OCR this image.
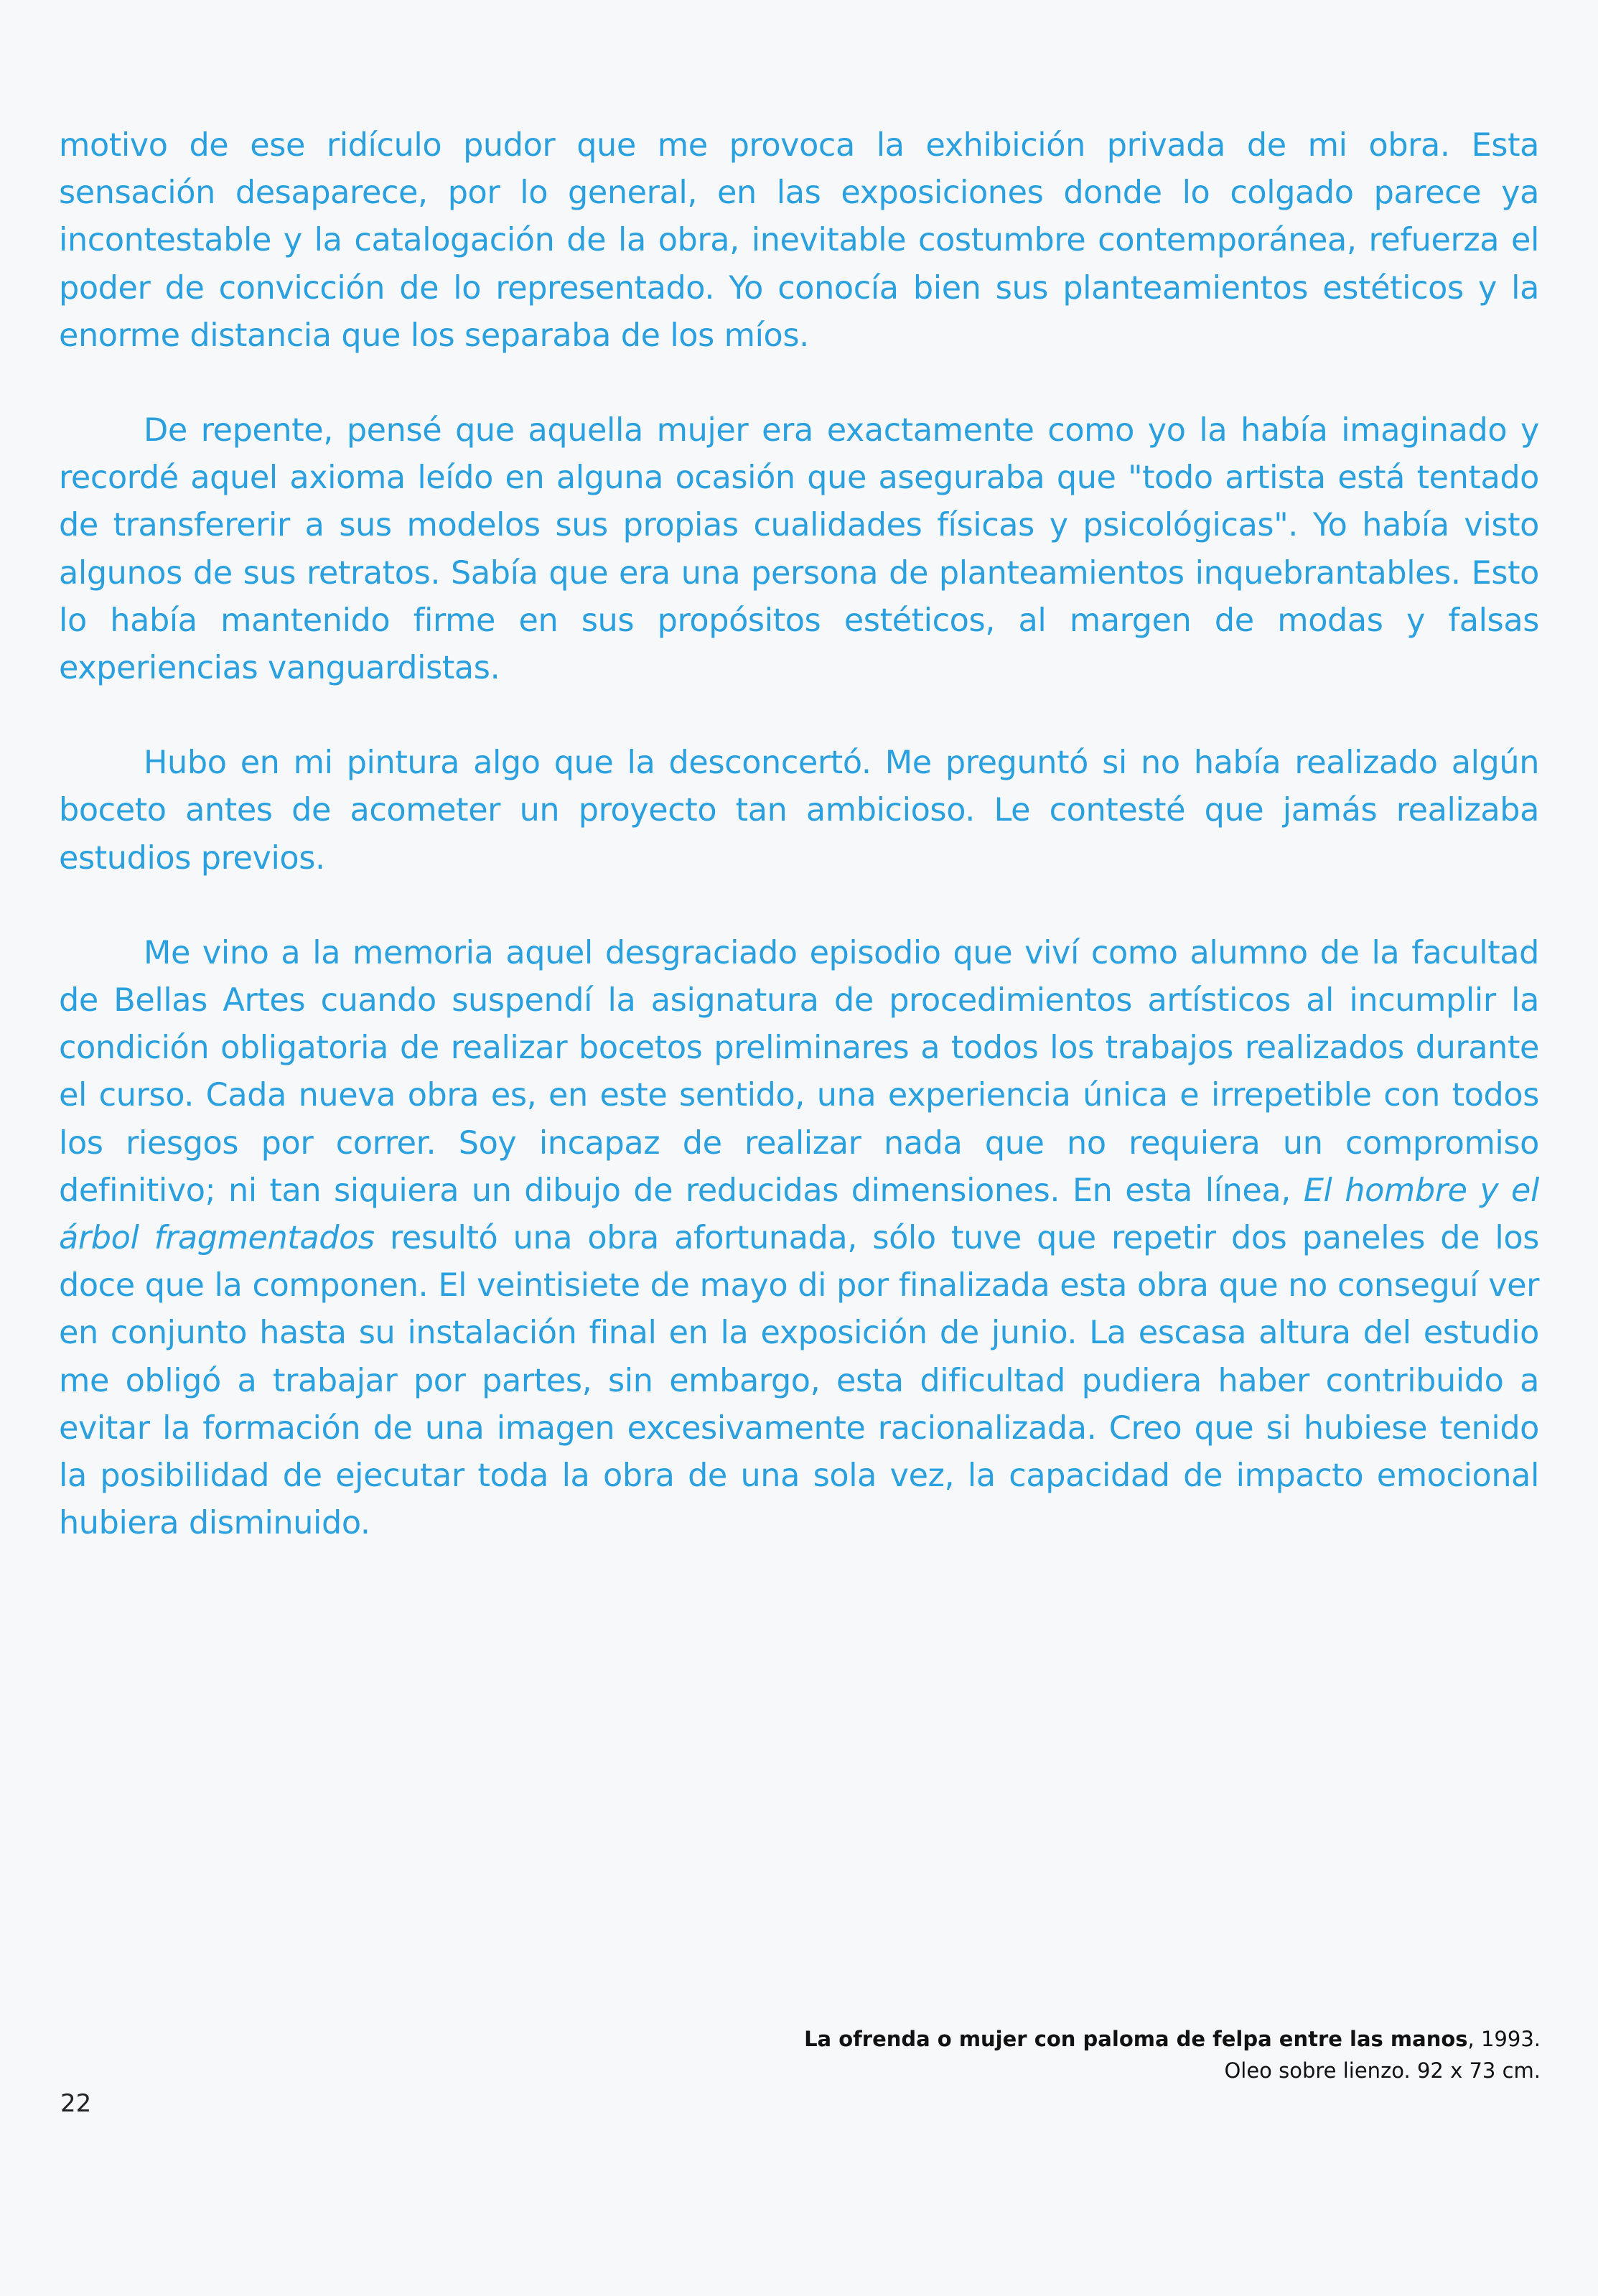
motivo de ese ridículo pudor que me provoca la exhibición privada de mi obra. Esta sensación desaparece, por lo general, en las exposiciones donde lo colgado parece ya incontestable y la catalogación de la obra, inevitable costumbre contemporánea, refuerza el poder de convicción de lo representado. Yo conocía bien sus planteamientos estéticos y la enorme distancia que los separaba de los míos.

De repente, pensé que aquella mujer era exactamente como yo la había imaginado y recordé aquel axioma leído en alguna ocasión que aseguraba que "todo artista está tentado de transfererir a sus modelos sus propias cualidades físicas y psicológicas". Yo había visto algunos de sus retratos. Sabía que era una persona de planteamientos inquebrantables. Esto lo había mantenido firme en sus propósitos estéticos, al margen de modas y falsas experiencias vanguardistas.

Hubo en mi pintura algo que la desconcertó. Me preguntó si no había realizado algún boceto antes de acometer un proyecto tan ambicioso. Le contesté que jamás realizaba estudios previos.

Me vino a la memoria aquel desgraciado episodio que viví como alumno de la facultad de Bellas Artes cuando suspendí la asignatura de procedimientos artísticos al incumplir la condición obligatoria de realizar bocetos preliminares a todos los trabajos realizados durante el curso. Cada nueva obra es, en este sentido, una experiencia única e irrepetible con todos los riesgos por correr. Soy incapaz de realizar nada que no requiera un compromiso definitivo; ni tan siquiera un dibujo de reducidas dimensiones. En esta línea, El hombre y el árbol fragmentados resultó una obra afortunada, sólo tuve que repetir dos paneles de los doce que la componen. El veintisiete de mayo di por finalizada esta obra que no conseguí ver en conjunto hasta su instalación final en la exposición de junio. La escasa altura del estudio me obligó a trabajar por partes, sin embargo, esta dificultad pudiera haber contribuido a evitar la formación de una imagen excesivamente racionalizada. Creo que si hubiese tenido la posibilidad de ejecutar toda la obra de una sola vez, la capacidad de impacto emocional hubiera disminuido.

La ofrenda o mujer con paloma de felpa entre las manos, 1993.
Oleo sobre lienzo. 92 x 73 cm.
22
